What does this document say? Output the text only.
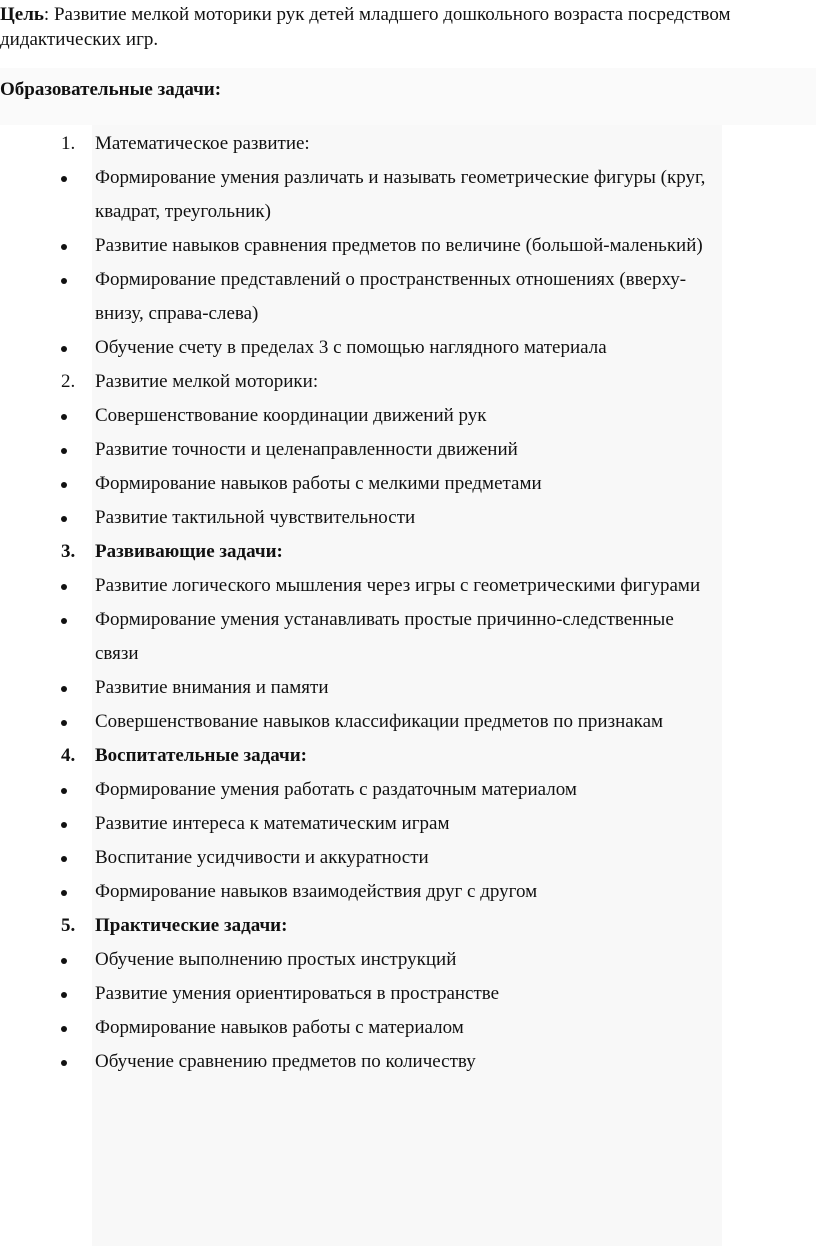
Цель: Развитие мелкой моторики рук детей младшего дошкольного возраста посредством дидактических игр.

Образовательные задачи:

1.	Математическое развитие:
Формирование умения различать и называть геометрические фигуры (круг, квадрат, треугольник)
Развитие навыков сравнения предметов по величине (большой-маленький)
Формирование представлений о пространственных отношениях (вверху-внизу, справа-слева)
Обучение счету в пределах 3 с помощью наглядного материала
2.	Развитие мелкой моторики:
Совершенствование координации движений рук
Развитие точности и целенаправленности движений
Формирование навыков работы с мелкими предметами
Развитие тактильной чувствительности
3.	Развивающие задачи:
Развитие логического мышления через игры с геометрическими фигурами
Формирование умения устанавливать простые причинно-следственные связи
Развитие внимания и памяти
Совершенствование навыков классификации предметов по признакам
4.	Воспитательные задачи:
Формирование умения работать с раздаточным материалом
Развитие интереса к математическим играм
Воспитание усидчивости и аккуратности
Формирование навыков взаимодействия друг с другом
5.	Практические задачи:
Обучение выполнению простых инструкций
Развитие умения ориентироваться в пространстве
Формирование навыков работы с материалом
Обучение сравнению предметов по количеству
